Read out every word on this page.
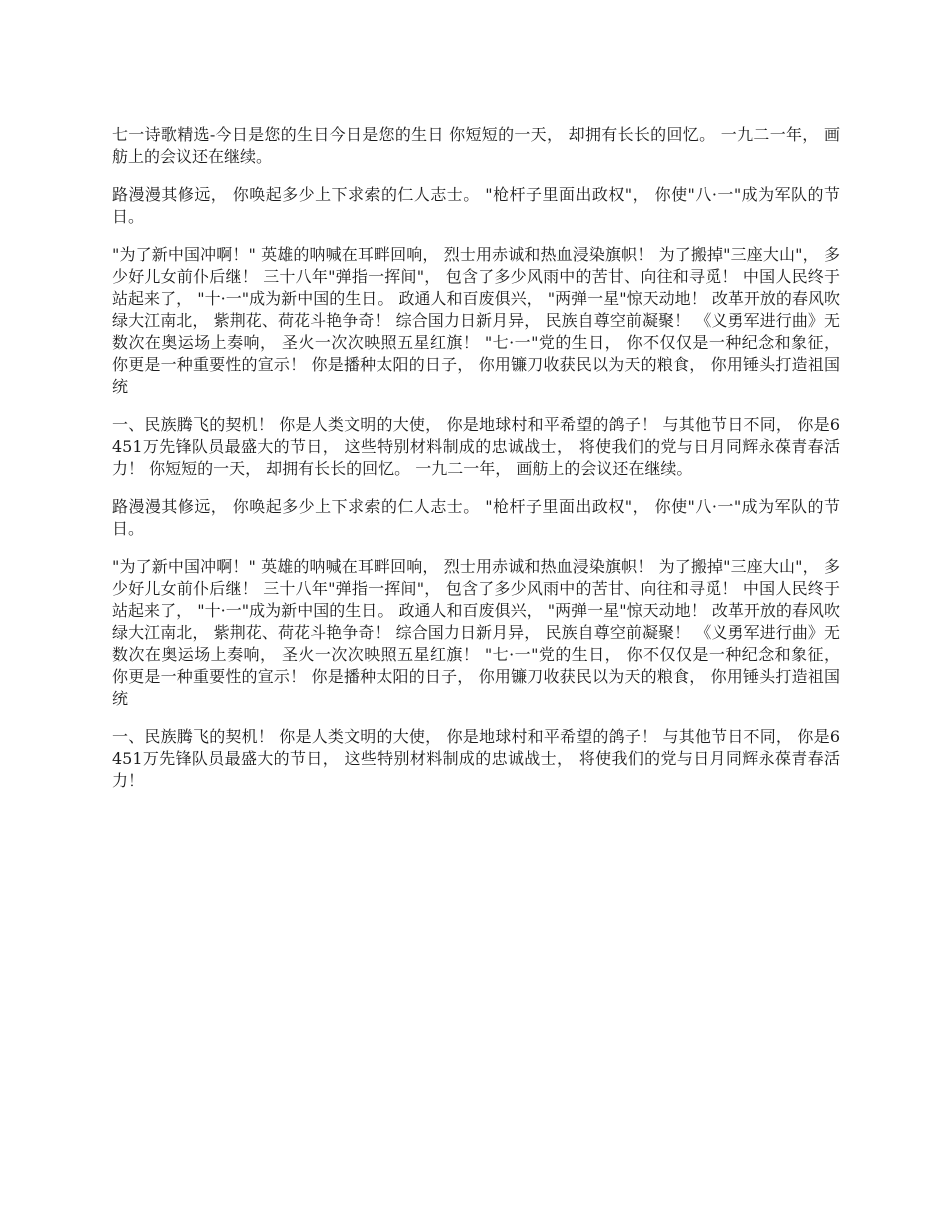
七一诗歌精选-今日是您的生日今日是您的生日 你短短的一天， 却拥有长长的回忆。 一九二一年， 画舫上的会议还在继续。

路漫漫其修远， 你唤起多少上下求索的仁人志士。 "枪杆子里面出政权"， 你使"八·一"成为军队的节日。

"为了新中国冲啊！" 英雄的呐喊在耳畔回响， 烈士用赤诚和热血浸染旗帜！ 为了搬掉"三座大山"， 多少好儿女前仆后继！ 三十八年"弹指一挥间"， 包含了多少风雨中的苦甘、向往和寻觅！ 中国人民终于站起来了， "十·一"成为新中国的生日。 政通人和百废俱兴， "两弹一星"惊天动地！ 改革开放的春风吹绿大江南北， 紫荆花、荷花斗艳争奇！ 综合国力日新月异， 民族自尊空前凝聚！ 《义勇军进行曲》无数次在奥运场上奏响， 圣火一次次映照五星红旗！ "七·一"党的生日， 你不仅仅是一种纪念和象征， 你更是一种重要性的宣示！ 你是播种太阳的日子， 你用镰刀收获民以为天的粮食， 你用锤头打造祖国统

一、民族腾飞的契机！ 你是人类文明的大使， 你是地球村和平希望的鸽子！ 与其他节日不同， 你是6451万先锋队员最盛大的节日， 这些特别材料制成的忠诚战士， 将使我们的党与日月同辉永葆青春活力！ 你短短的一天， 却拥有长长的回忆。 一九二一年， 画舫上的会议还在继续。

路漫漫其修远， 你唤起多少上下求索的仁人志士。 "枪杆子里面出政权"， 你使"八·一"成为军队的节日。

"为了新中国冲啊！" 英雄的呐喊在耳畔回响， 烈士用赤诚和热血浸染旗帜！ 为了搬掉"三座大山"， 多少好儿女前仆后继！ 三十八年"弹指一挥间"， 包含了多少风雨中的苦甘、向往和寻觅！ 中国人民终于站起来了， "十·一"成为新中国的生日。 政通人和百废俱兴， "两弹一星"惊天动地！ 改革开放的春风吹绿大江南北， 紫荆花、荷花斗艳争奇！ 综合国力日新月异， 民族自尊空前凝聚！ 《义勇军进行曲》无数次在奥运场上奏响， 圣火一次次映照五星红旗！ "七·一"党的生日， 你不仅仅是一种纪念和象征， 你更是一种重要性的宣示！ 你是播种太阳的日子， 你用镰刀收获民以为天的粮食， 你用锤头打造祖国统

一、民族腾飞的契机！ 你是人类文明的大使， 你是地球村和平希望的鸽子！ 与其他节日不同， 你是6451万先锋队员最盛大的节日， 这些特别材料制成的忠诚战士， 将使我们的党与日月同辉永葆青春活力！
